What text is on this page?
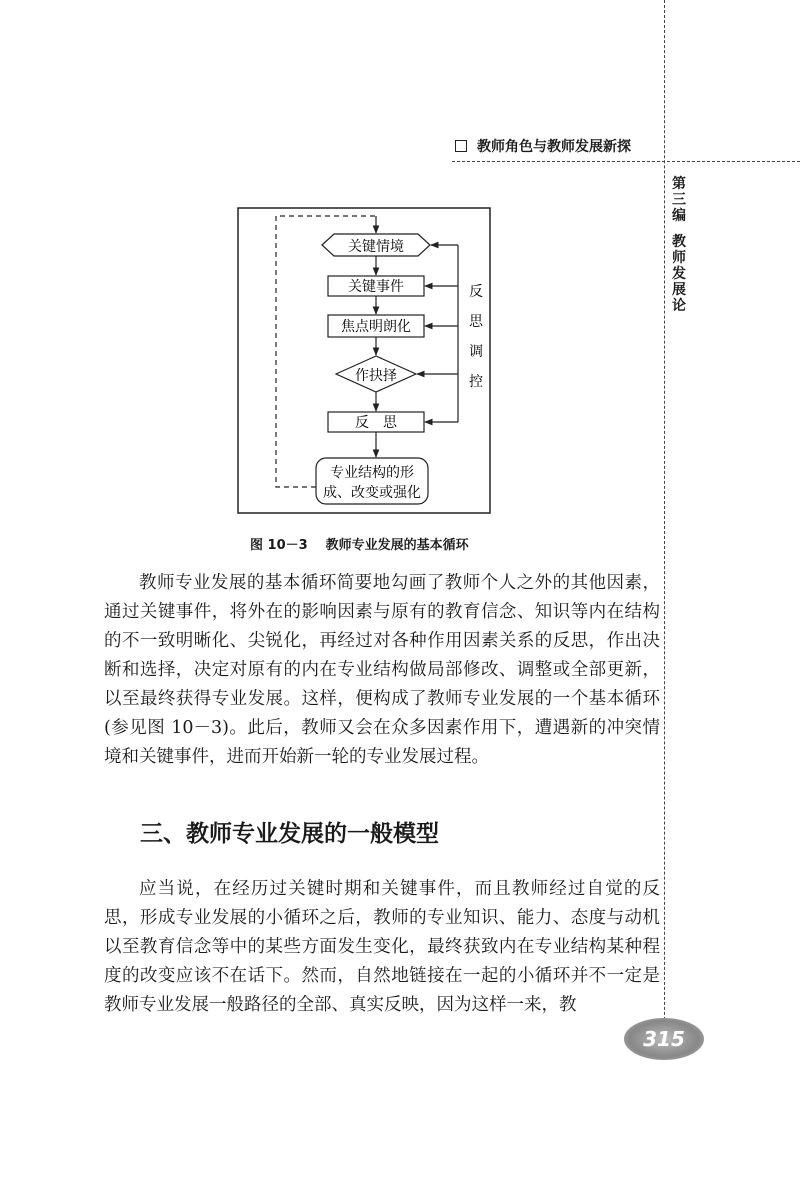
教师角色与教师发展新探
第三编
教师发展论
关键情境
关键事件
焦点明朗化
作抉择
反　思
专业结构的形
成、改变或强化
反
思
调
控
图 10－3 教师专业发展的基本循环

教师专业发展的基本循环简要地勾画了教师个人之外的其他因素，通过关键事件，将外在的影响因素与原有的教育信念、知识等内在结构的不一致明晰化、尖锐化，再经过对各种作用因素关系的反思，作出决断和选择，决定对原有的内在专业结构做局部修改、调整或全部更新，以至最终获得专业发展。这样，便构成了教师专业发展的一个基本循环(参见图 10－3)。此后，教师又会在众多因素作用下，遭遇新的冲突情境和关键事件，进而开始新一轮的专业发展过程。

三、教师专业发展的一般模型

应当说，在经历过关键时期和关键事件，而且教师经过自觉的反思，形成专业发展的小循环之后，教师的专业知识、能力、态度与动机以至教育信念等中的某些方面发生变化，最终获致内在专业结构某种程度的改变应该不在话下。然而，自然地链接在一起的小循环并不一定是教师专业发展一般路径的全部、真实反映，因为这样一来，教

315
